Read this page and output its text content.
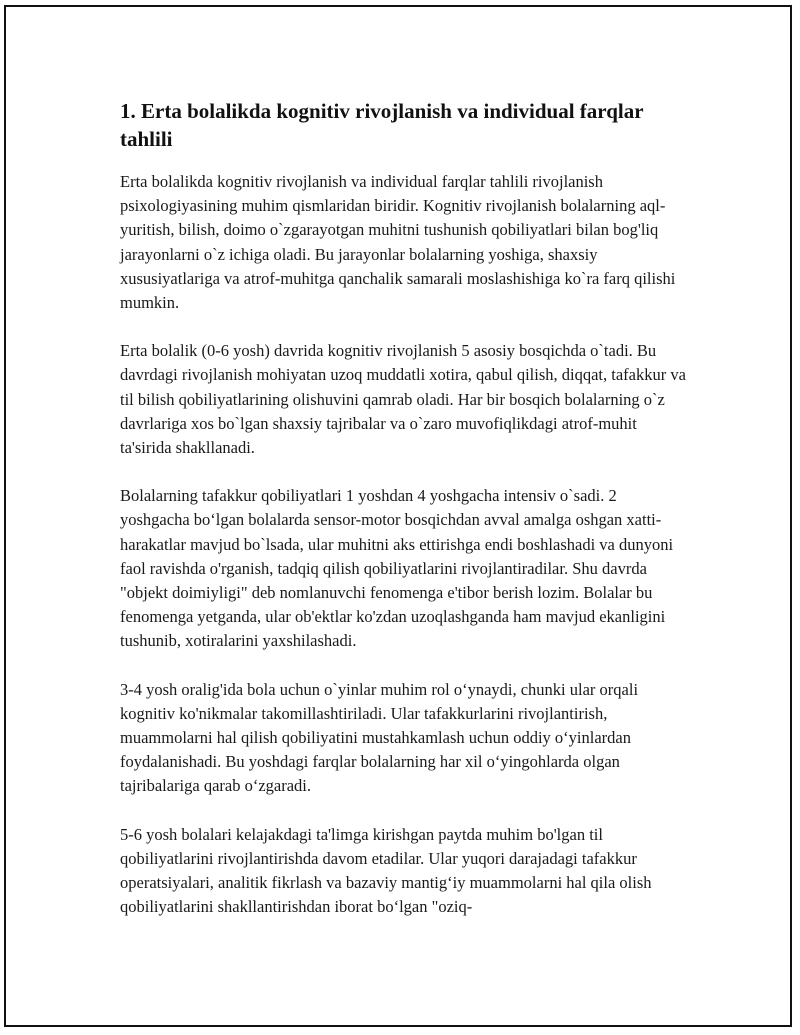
1. Erta bolalikda kognitiv rivojlanish va individual farqlar tahlili

Erta bolalikda kognitiv rivojlanish va individual farqlar tahlili rivojlanish psixologiyasining muhim qismlaridan biridir. Kognitiv rivojlanish bolalarning aql-yuritish, bilish, doimo o`zgarayotgan muhitni tushunish qobiliyatlari bilan bog'liq jarayonlarni o`z ichiga oladi. Bu jarayonlar bolalarning yoshiga, shaxsiy xususiyatlariga va atrof-muhitga qanchalik samarali moslashishiga ko`ra farq qilishi mumkin.

Erta bolalik (0-6 yosh) davrida kognitiv rivojlanish 5 asosiy bosqichda o`tadi. Bu davrdagi rivojlanish mohiyatan uzoq muddatli xotira, qabul qilish, diqqat, tafakkur va til bilish qobiliyatlarining olishuvini qamrab oladi. Har bir bosqich bolalarning o`z davrlariga xos bo`lgan shaxsiy tajribalar va o`zaro muvofiqlikdagi atrof-muhit ta'sirida shakllanadi.

Bolalarning tafakkur qobiliyatlari 1 yoshdan 4 yoshgacha intensiv o`sadi. 2 yoshgacha bo‘lgan bolalarda sensor-motor bosqichdan avval amalga oshgan xatti-harakatlar mavjud bo`lsada, ular muhitni aks ettirishga endi boshlashadi va dunyoni faol ravishda o'rganish, tadqiq qilish qobiliyatlarini rivojlantiradilar. Shu davrda "objekt doimiyligi" deb nomlanuvchi fenomenga e'tibor berish lozim. Bolalar bu fenomenga yetganda, ular ob'ektlar ko'zdan uzoqlashganda ham mavjud ekanligini tushunib, xotiralarini yaxshilashadi.

3-4 yosh oralig'ida bola uchun o`yinlar muhim rol o‘ynaydi, chunki ular orqali kognitiv ko'nikmalar takomillashtiriladi. Ular tafakkurlarini rivojlantirish, muammolarni hal qilish qobiliyatini mustahkamlash uchun oddiy o‘yinlardan foydalanishadi. Bu yoshdagi farqlar bolalarning har xil o‘yingohlarda olgan tajribalariga qarab o‘zgaradi.

5-6 yosh bolalari kelajakdagi ta'limga kirishgan paytda muhim bo'lgan til qobiliyatlarini rivojlantirishda davom etadilar. Ular yuqori darajadagi tafakkur operatsiyalari, analitik fikrlash va bazaviy mantig‘iy muammolarni hal qila olish qobiliyatlarini shakllantirishdan iborat bo‘lgan "oziq-
